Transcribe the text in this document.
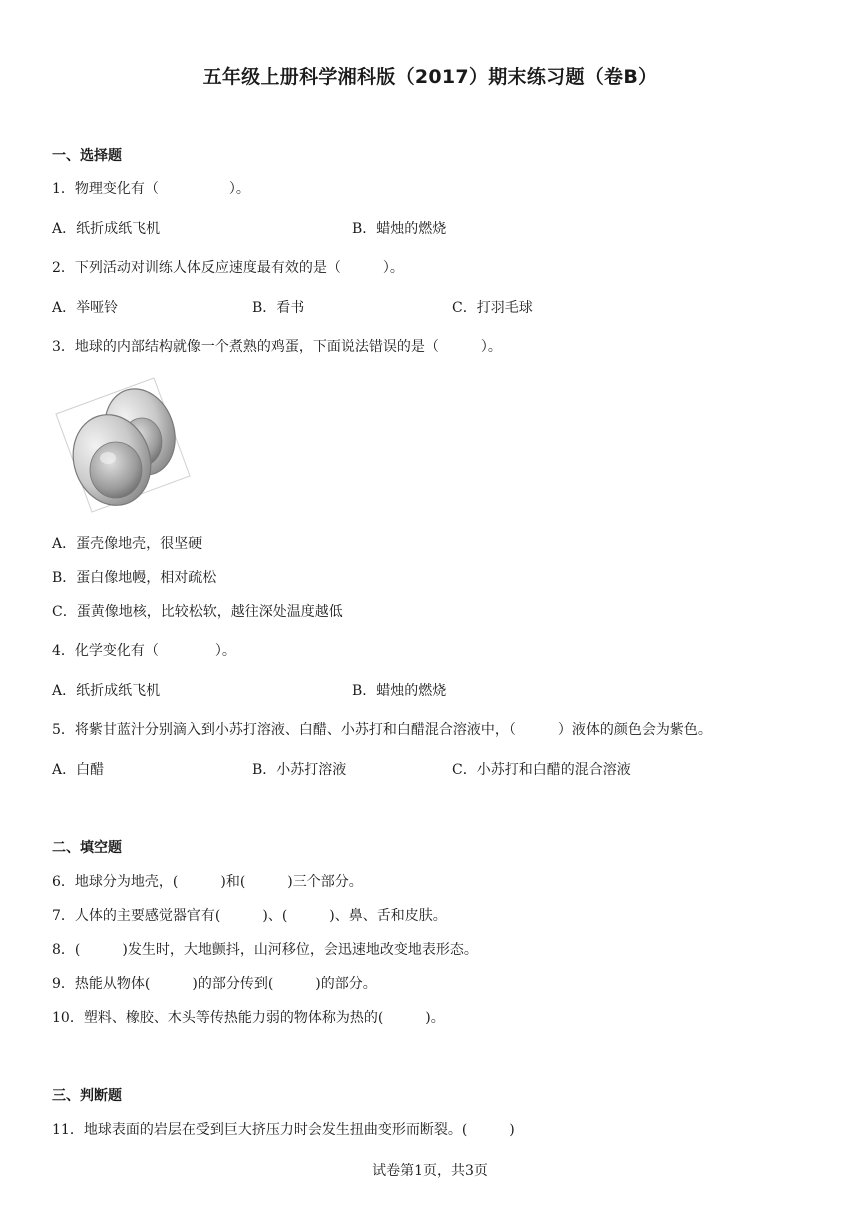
五年级上册科学湘科版（2017）期末练习题（卷B）
一、选择题
1．物理变化有（　　　　　）。
A．纸折成纸飞机	B．蜡烛的燃烧
2．下列活动对训练人体反应速度最有效的是（　　　）。
A．举哑铃	B．看书	C．打羽毛球
3．地球的内部结构就像一个煮熟的鸡蛋，下面说法错误的是（　　　）。
A．蛋壳像地壳，很坚硬
B．蛋白像地幔，相对疏松
C．蛋黄像地核，比较松软，越往深处温度越低
4．化学变化有（　　　　）。
A．纸折成纸飞机	B．蜡烛的燃烧
5．将紫甘蓝汁分别滴入到小苏打溶液、白醋、小苏打和白醋混合溶液中，（　　　）液体的颜色会为紫色。
A．白醋	B．小苏打溶液	C．小苏打和白醋的混合溶液
二、填空题
6．地球分为地壳，(　　　)和(　　　)三个部分。
7．人体的主要感觉器官有(　　　)、(　　　)、鼻、舌和皮肤。
8．(　　　)发生时，大地颤抖，山河移位，会迅速地改变地表形态。
9．热能从物体(　　　)的部分传到(　　　)的部分。
10．塑料、橡胶、木头等传热能力弱的物体称为热的(　　　)。
三、判断题
11．地球表面的岩层在受到巨大挤压力时会发生扭曲变形而断裂。(　　　)
试卷第1页，共3页
